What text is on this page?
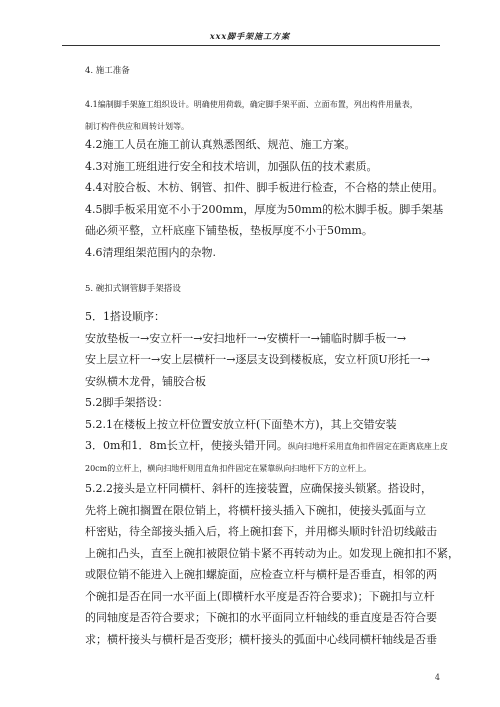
xxx脚手架施工方案
4. 施工准备
4.1编制脚手架施工组织设计。明确使用荷载，确定脚手架平面、立面布置，列出构件用量表，
制订构件供应和周转计划等。
4.2施工人员在施工前认真熟悉图纸、规范、施工方案。
4.3对施工班组进行安全和技术培训，加强队伍的技术素质。
4.4对胶合板、木枋、钢管、扣件、脚手板进行检查，不合格的禁止使用。
4.5脚手板采用宽不小于200mm，厚度为50mm的松木脚手板。脚手架基
础必须平整，立杆底座下铺垫板，垫板厚度不小于50mm。
4.6清理组架范围内的杂物.
5. 碗扣式钢管脚手架搭设
5．1搭设顺序：
安放垫板一→安立杆一→安扫地杆一→安横杆一→铺临时脚手板一→
安上层立杆一→安上层横杆一→逐层支设到楼板底，安立杆顶U形托一→
安纵横木龙骨，铺胶合板
5.2脚手架搭设：
5.2.1在楼板上按立杆位置安放立杆(下面垫木方)，其上交错安装
3．0m和1．8m长立杆，使接头错开同。纵向扫地杆采用直角扣件固定在距离底座上皮
20cm的立杆上，横向扫地杆则用直角扣件固定在紧靠纵向扫地杆下方的立杆上。
5.2.2接头是立杆同横杆、斜杆的连接装置，应确保接头锁紧。搭设时，
先将上碗扣搁置在限位销上，将横杆接头插入下碗扣，使接头弧面与立
杆密贴，待全部接头插入后，将上碗扣套下，并用榔头顺时针沿切线敲击
上碗扣凸头，直至上碗扣被限位销卡紧不再转动为止。如发现上碗扣扣不紧，
或限位销不能进入上碗扣螺旋面，应检查立杆与横杆是否垂直，相邻的两
个碗扣是否在同一水平面上(即横杆水平度是否符合要求)；下碗扣与立杆
的同轴度是否符合要求；下碗扣的水平面同立杆轴线的垂直度是否符合要
求；横杆接头与横杆是否变形；横杆接头的弧面中心线同横杆轴线是否垂
4
